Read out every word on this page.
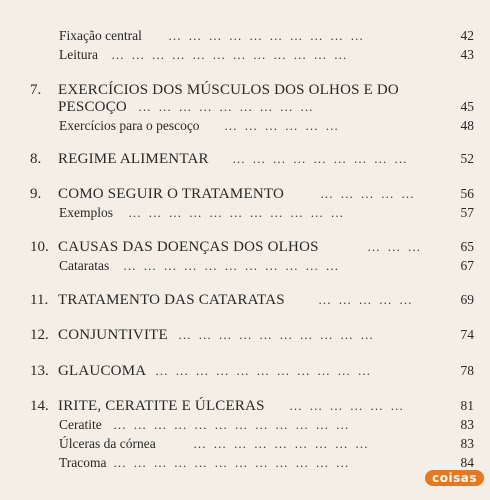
Fixação central … … … … … … … … … …	42
Leitura … … … … … … … … … … … …	43
7. EXERCÍCIOS DOS MÚSCULOS DOS OLHOS E DO
PESCOÇO … … … … … … … … …	45
Exercícios para o pescoço … … … … … …	48
8. REGIME ALIMENTAR … … … … … … … … …	52
9. COMO SEGUIR O TRATAMENTO	… … … … …	56
Exemplos … … … … … … … … … … …	57
10. CAUSAS DAS DOENÇAS DOS OLHOS	… … …	65
Cataratas … … … … … … … … … … …	67
11. TRATAMENTO DAS CATARATAS	… … … … …	69
12. CONJUNTIVITE … … … … … … … … … …	74
13. GLAUCOMA … … … … … … … … … … …	78
14. IRITE, CERATITE E ÚLCERAS … … … … … …	81
Ceratite … … … … … … … … … … … …	83
Úlceras da córnea	… … … … … … … … …	83
Tracoma … … … … … … … … … … … …	84
coisas
